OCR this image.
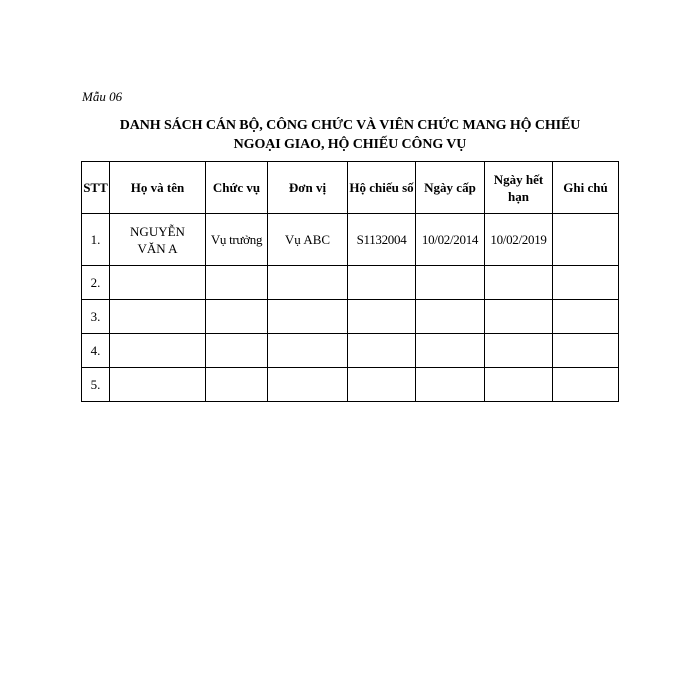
Mẫu 06
DANH SÁCH CÁN BỘ, CÔNG CHỨC VÀ VIÊN CHỨC MANG HỘ CHIẾU
NGOẠI GIAO, HỘ CHIẾU CÔNG VỤ
STT	Họ và tên	Chức vụ	Đơn vị	Hộ chiếu số	Ngày cấp	Ngày hết hạn	Ghi chú
1.	NGUYỄN VĂN A	Vụ trưởng	Vụ ABC	S1132004	10/02/2014	10/02/2019	
2.							
3.							
4.							
5.							
